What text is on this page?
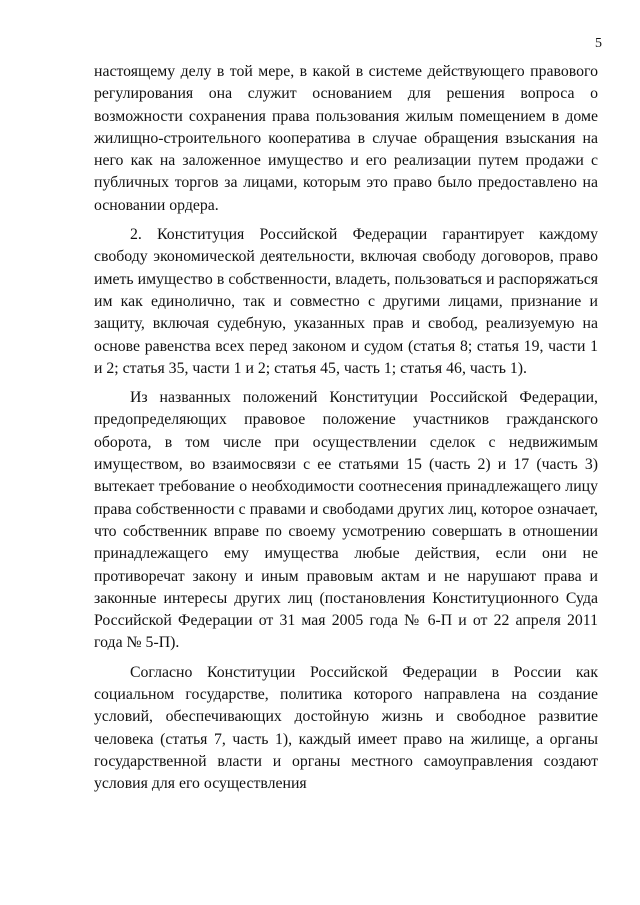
5

настоящему делу в той мере, в какой в системе действующего правового регулирования она служит основанием для решения вопроса о возможности сохранения права пользования жилым помещением в доме жилищно-строительного кооператива в случае обращения взыскания на него как на заложенное имущество и его реализации путем продажи с публичных торгов за лицами, которым это право было предоставлено на основании ордера.

2. Конституция Российской Федерации гарантирует каждому свободу экономической деятельности, включая свободу договоров, право иметь имущество в собственности, владеть, пользоваться и распоряжаться им как единолично, так и совместно с другими лицами, признание и защиту, включая судебную, указанных прав и свобод, реализуемую на основе равенства всех перед законом и судом (статья 8; статья 19, части 1 и 2; статья 35, части 1 и 2; статья 45, часть 1; статья 46, часть 1).

Из названных положений Конституции Российской Федерации, предопределяющих правовое положение участников гражданского оборота, в том числе при осуществлении сделок с недвижимым имуществом, во взаимосвязи с ее статьями 15 (часть 2) и 17 (часть 3) вытекает требование о необходимости соотнесения принадлежащего лицу права собственности с правами и свободами других лиц, которое означает, что собственник вправе по своему усмотрению совершать в отношении принадлежащего ему имущества любые действия, если они не противоречат закону и иным правовым актам и не нарушают права и законные интересы других лиц (постановления Конституционного Суда Российской Федерации от 31 мая 2005 года № 6-П и от 22 апреля 2011 года № 5-П).

Согласно Конституции Российской Федерации в России как социальном государстве, политика которого направлена на создание условий, обеспечивающих достойную жизнь и свободное развитие человека (статья 7, часть 1), каждый имеет право на жилище, а органы государственной власти и органы местного самоуправления создают условия для его осуществления
